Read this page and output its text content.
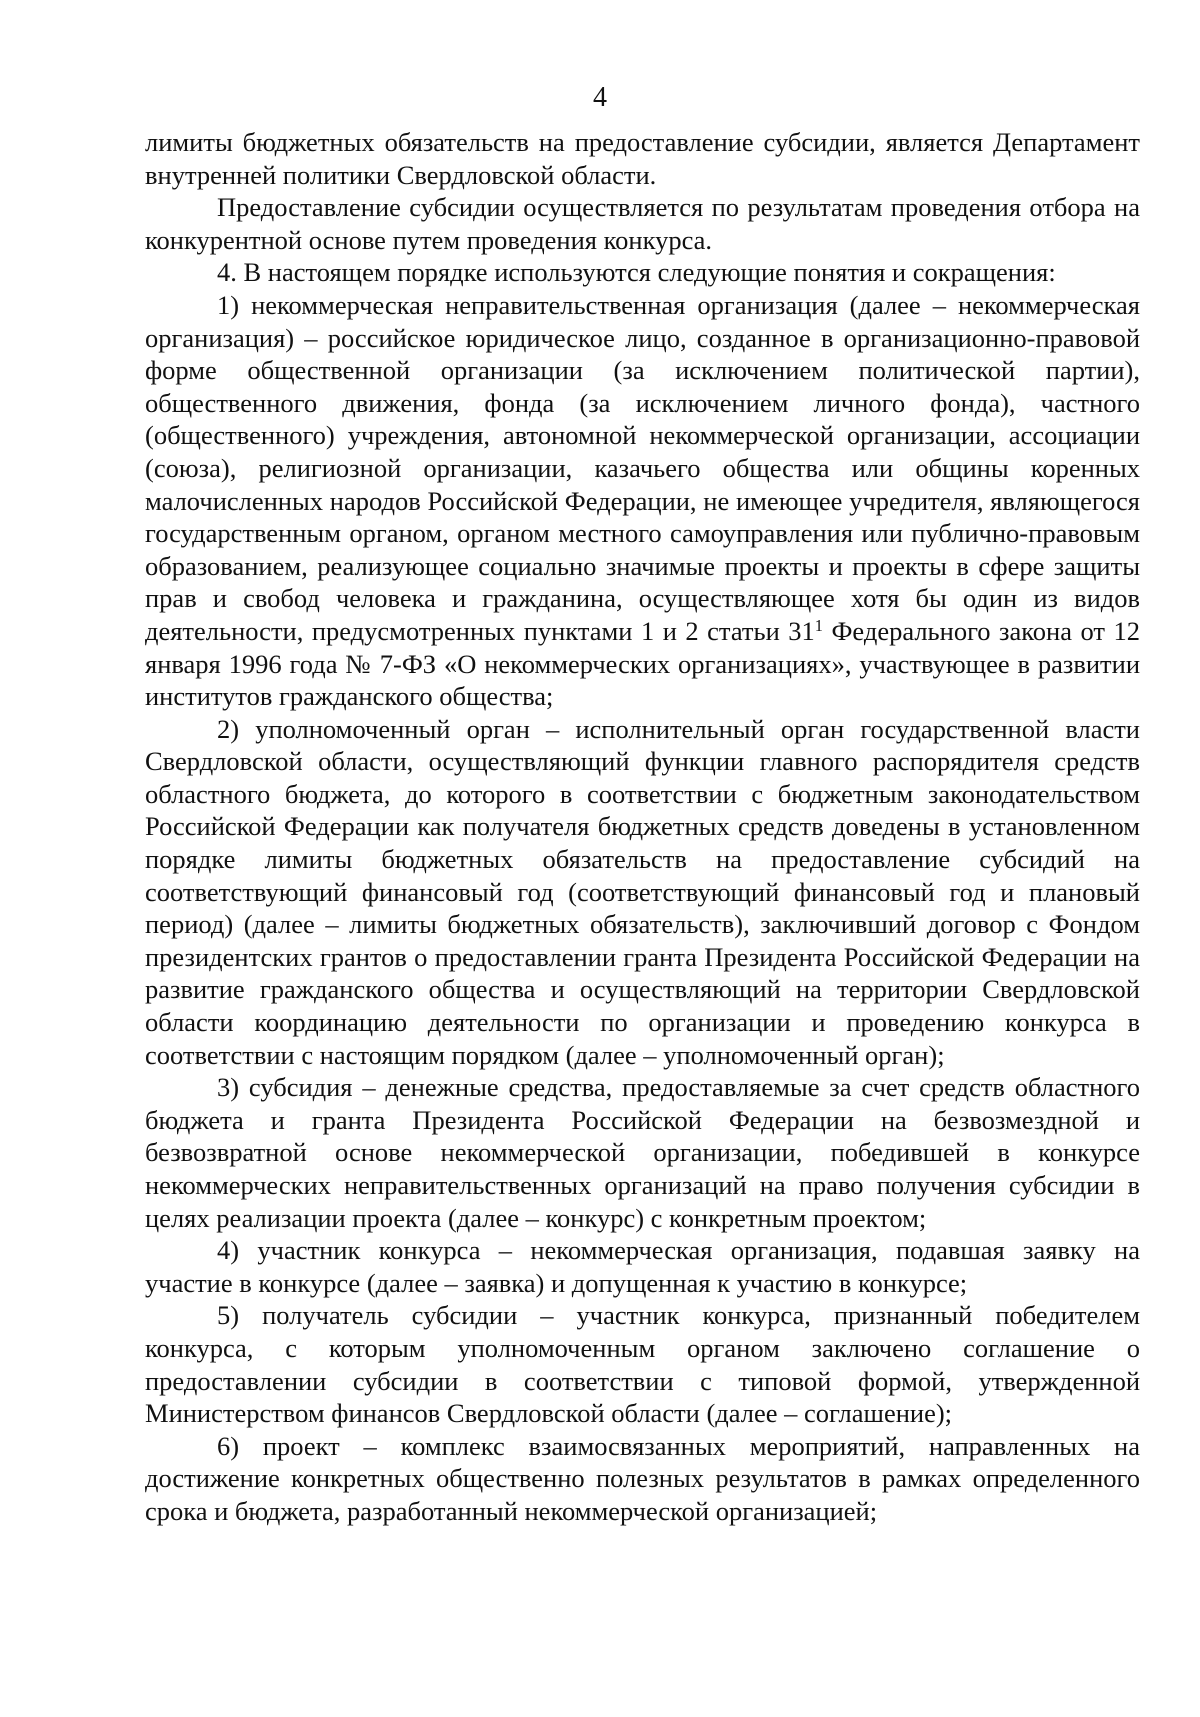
4

лимиты бюджетных обязательств на предоставление субсидии, является Департамент внутренней политики Свердловской области.

Предоставление субсидии осуществляется по результатам проведения отбора на конкурентной основе путем проведения конкурса.

4. В настоящем порядке используются следующие понятия и сокращения:

1) некоммерческая неправительственная организация (далее – некоммерческая организация) – российское юридическое лицо, созданное в организационно-правовой форме общественной организации (за исключением политической партии), общественного движения, фонда (за исключением личного фонда), частного (общественного) учреждения, автономной некоммерческой организации, ассоциации (союза), религиозной организации, казачьего общества или общины коренных малочисленных народов Российской Федерации, не имеющее учредителя, являющегося государственным органом, органом местного самоуправления или публично-правовым образованием, реализующее социально значимые проекты и проекты в сфере защиты прав и свобод человека и гражданина, осуществляющее хотя бы один из видов деятельности, предусмотренных пунктами 1 и 2 статьи $31^1$ Федерального закона от 12 января 1996 года № 7-ФЗ «О некоммерческих организациях», участвующее в развитии институтов гражданского общества;

2) уполномоченный орган – исполнительный орган государственной власти Свердловской области, осуществляющий функции главного распорядителя средств областного бюджета, до которого в соответствии с бюджетным законодательством Российской Федерации как получателя бюджетных средств доведены в установленном порядке лимиты бюджетных обязательств на предоставление субсидий на соответствующий финансовый год (соответствующий финансовый год и плановый период) (далее – лимиты бюджетных обязательств), заключивший договор с Фондом президентских грантов о предоставлении гранта Президента Российской Федерации на развитие гражданского общества и осуществляющий на территории Свердловской области координацию деятельности по организации и проведению конкурса в соответствии с настоящим порядком (далее – уполномоченный орган);

3) субсидия – денежные средства, предоставляемые за счет средств областного бюджета и гранта Президента Российской Федерации на безвозмездной и безвозвратной основе некоммерческой организации, победившей в конкурсе некоммерческих неправительственных организаций на право получения субсидии в целях реализации проекта (далее – конкурс) с конкретным проектом;

4) участник конкурса – некоммерческая организация, подавшая заявку на участие в конкурсе (далее – заявка) и допущенная к участию в конкурсе;

5) получатель субсидии – участник конкурса, признанный победителем конкурса, с которым уполномоченным органом заключено соглашение о предоставлении субсидии в соответствии с типовой формой, утвержденной Министерством финансов Свердловской области (далее – соглашение);

6) проект – комплекс взаимосвязанных мероприятий, направленных на достижение конкретных общественно полезных результатов в рамках определенного срока и бюджета, разработанный некоммерческой организацией;
